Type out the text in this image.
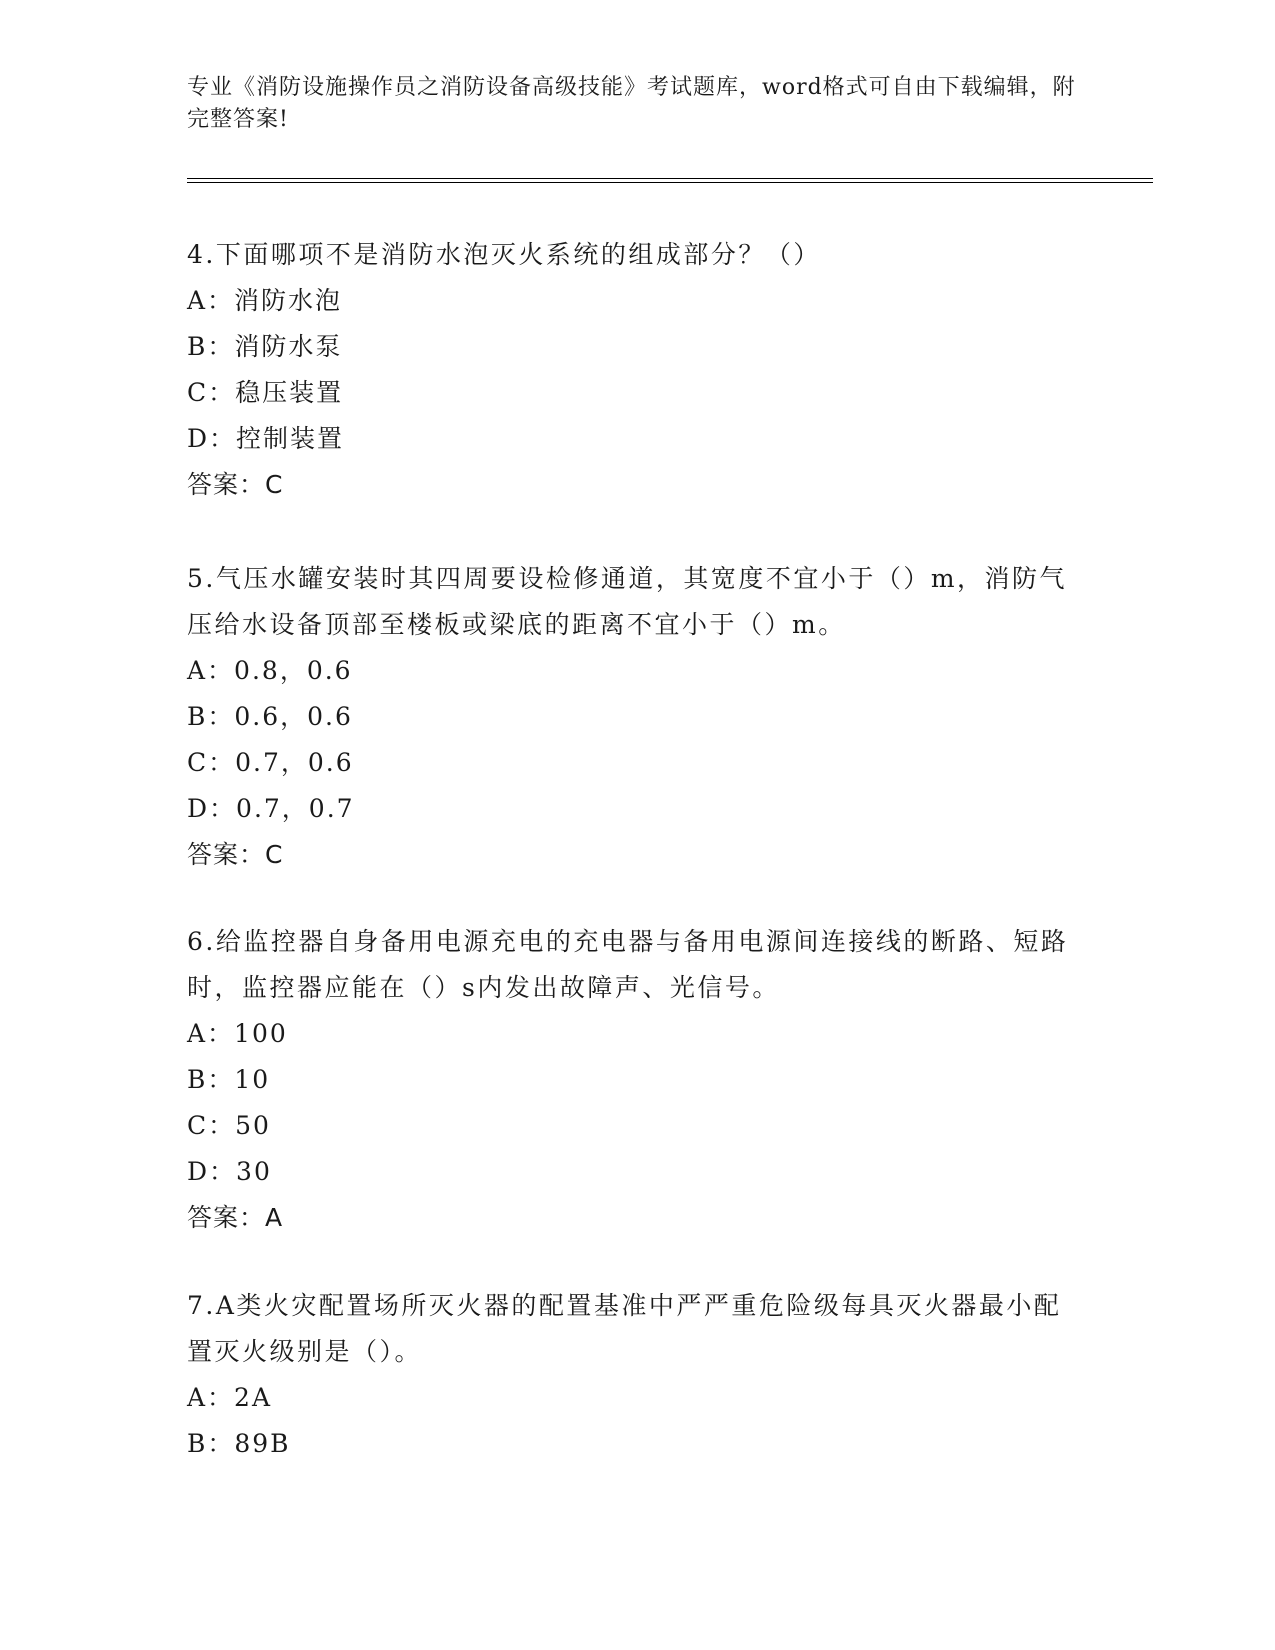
专业《消防设施操作员之消防设备高级技能》考试题库，word格式可自由下载编辑，附完整答案!
4.下面哪项不是消防水泡灭火系统的组成部分？（）
A：消防水泡
B：消防水泵
C：稳压装置
D：控制装置
答案：C
5.气压水罐安装时其四周要设检修通道，其宽度不宜小于（）m，消防气压给水设备顶部至楼板或梁底的距离不宜小于（）m。
A：0.8，0.6
B：0.6，0.6
C：0.7，0.6
D：0.7，0.7
答案：C
6.给监控器自身备用电源充电的充电器与备用电源间连接线的断路、短路时，监控器应能在（）s内发出故障声、光信号。
A：100
B：10
C：50
D：30
答案：A
7.A类火灾配置场所灭火器的配置基准中严严重危险级每具灭火器最小配置灭火级别是（）。
A：2A
B：89B
